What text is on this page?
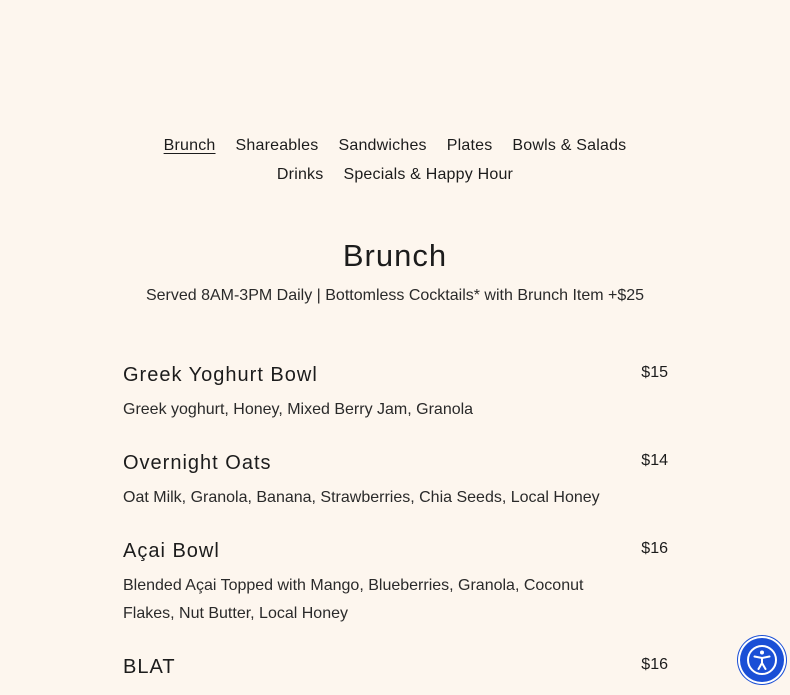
Brunch Shareables Sandwiches Plates Bowls & Salads
Drinks Specials & Happy Hour
Brunch
Served 8AM-3PM Daily | Bottomless Cocktails* with Brunch Item +$25
Greek Yoghurt Bowl	$15
Greek yoghurt, Honey, Mixed Berry Jam, Granola
Overnight Oats	$14
Oat Milk, Granola, Banana, Strawberries, Chia Seeds, Local Honey
Açai Bowl	$16
Blended Açai Topped with Mango, Blueberries, Granola, Coconut Flakes, Nut Butter, Local Honey
BLAT	$16
